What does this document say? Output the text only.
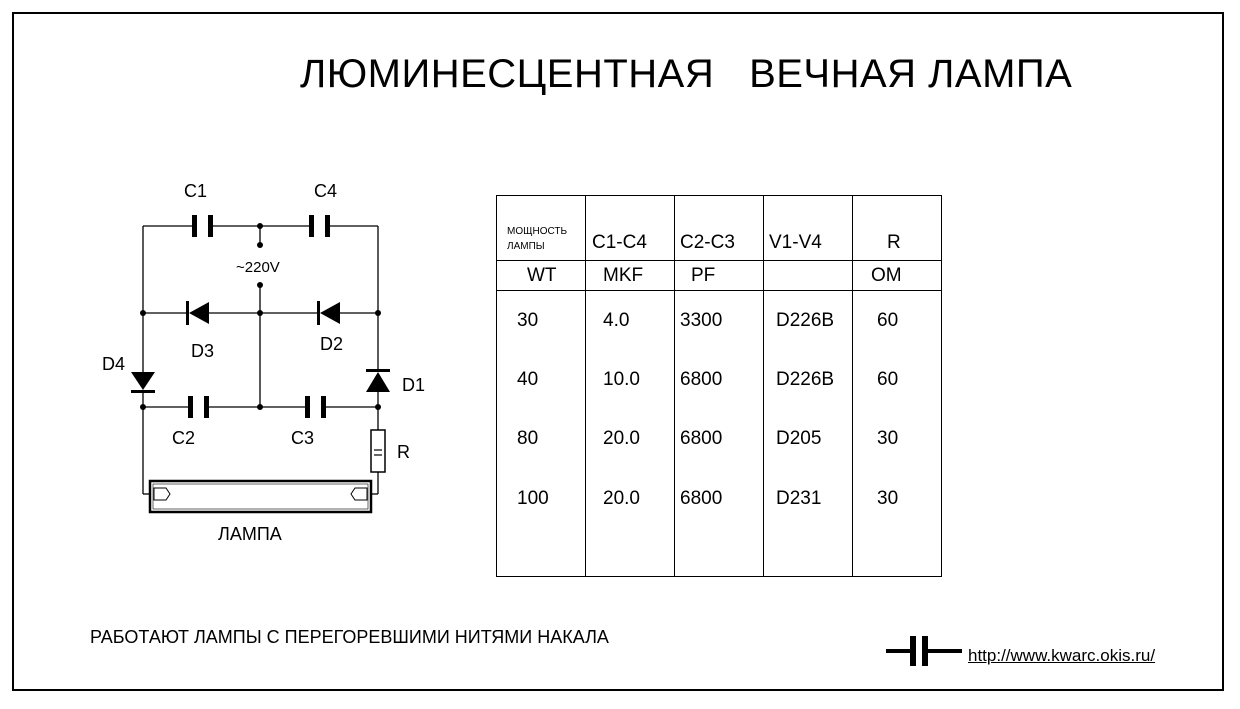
ЛЮМИНЕСЦЕНТНАЯ   ВЕЧНАЯ ЛАМПА
C1	C4
~220V
D3	D2
D4
D1
C2	C3
R
ЛАМПА
МОЩНОСТЬ ЛАМПЫ	C1-C4	C2-C3	V1-V4	R
WT	MKF	PF		OM
30	4.0	3300	D226B	60
40	10.0	6800	D226B	60
80	20.0	6800	D205	30
100	20.0	6800	D231	30
РАБОТАЮТ ЛАМПЫ С ПЕРЕГОРЕВШИМИ НИТЯМИ НАКАЛА
http://www.kwarc.okis.ru/
